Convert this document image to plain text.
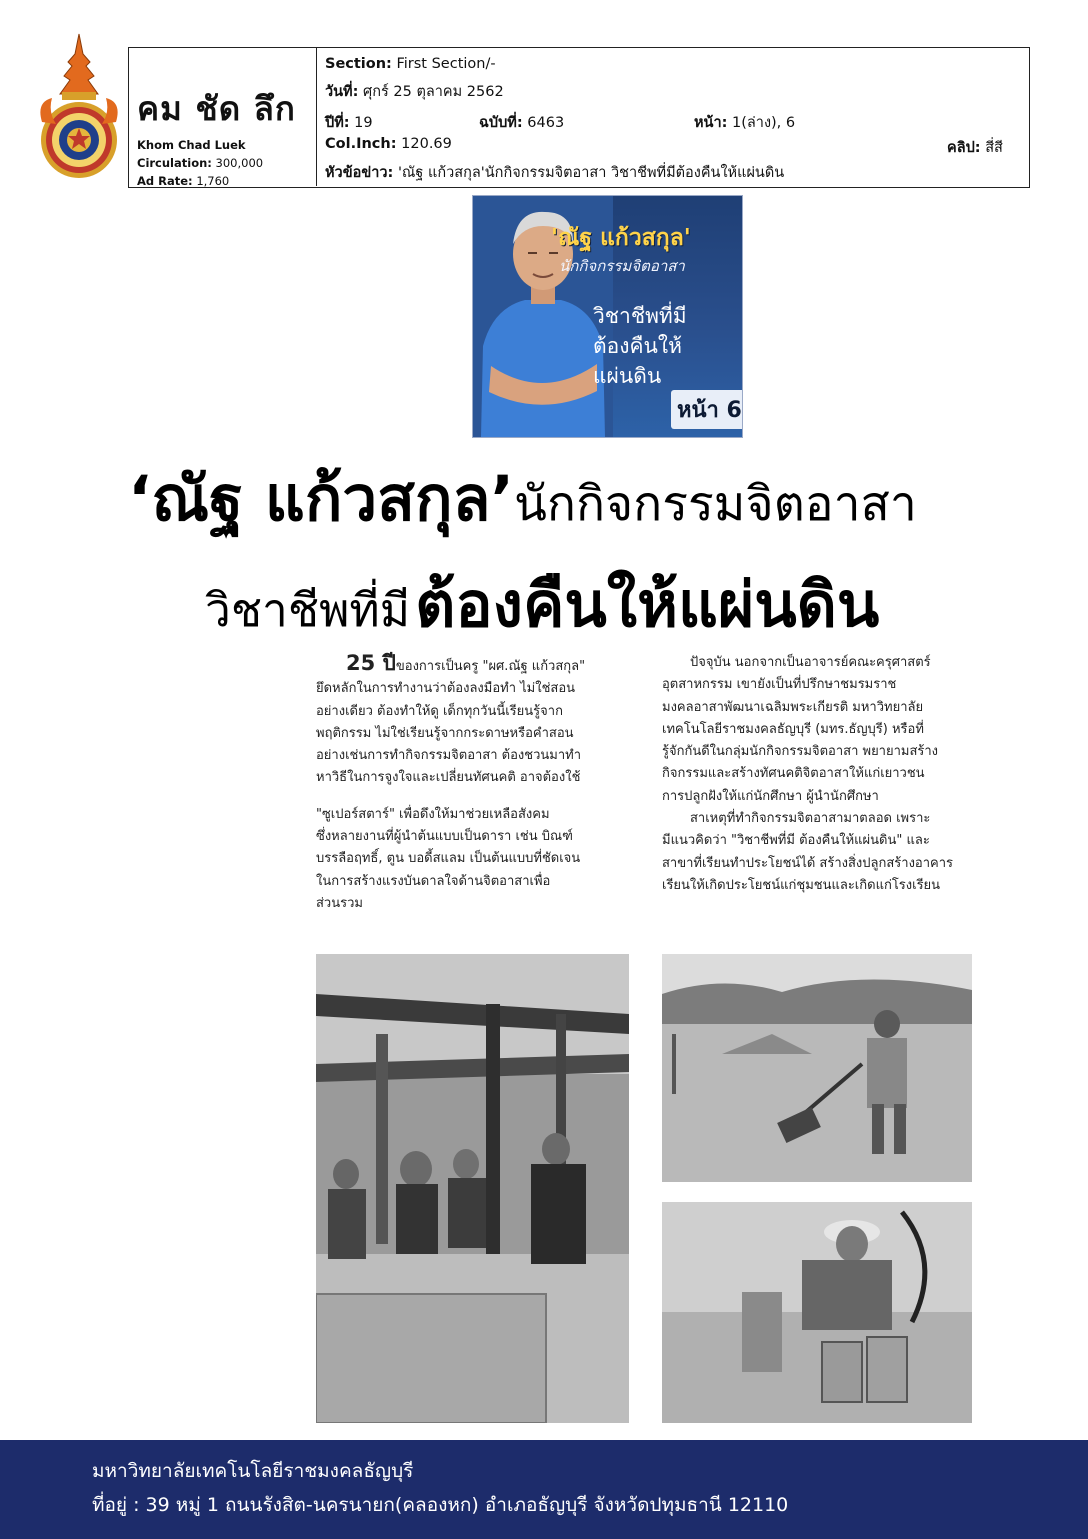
คม ชัด ลึก
Khom Chad Luek
Circulation: 300,000
Ad Rate: 1,760
Section: First Section/-
วันที่: ศุกร์ 25 ตุลาคม 2562
ปีที่: 19	ฉบับที่: 6463	หน้า: 1(ล่าง), 6
Col.Inch: 120.69	คลิป: สี่สี
หัวข้อข่าว: 'ณัฐ แก้วสกุล'นักกิจกรรมจิตอาสา วิชาชีพที่มีต้องคืนให้แผ่นดิน
'ณัฐ แก้วสกุล'
นักกิจกรรมจิตอาสา
วิชาชีพที่มี
ต้องคืนให้
แผ่นดิน
หน้า 6
‘ณัฐ แก้วสกุล’นักกิจกรรมจิตอาสา
วิชาชีพที่มี ต้องคืนให้แผ่นดิน

25 ปีของการเป็นครู "ผศ.ณัฐ แก้วสกุล"

ยึดหลักในการทำงานว่าต้องลงมือทำ ไม่ใช่สอน

อย่างเดียว ต้องทำให้ดู เด็กทุกวันนี้เรียนรู้จาก

พฤติกรรม ไม่ใช่เรียนรู้จากกระดาษหรือคำสอน

อย่างเช่นการทำกิจกรรมจิตอาสา ต้องชวนมาทำ

หาวิธีในการจูงใจและเปลี่ยนทัศนคติ อาจต้องใช้

"ซูเปอร์สตาร์" เพื่อดึงให้มาช่วยเหลือสังคม

ซึ่งหลายงานที่ผู้นำต้นแบบเป็นดารา เช่น บิณฑ์

บรรลือฤทธิ์, ตูน บอดี้สแลม เป็นต้นแบบที่ชัดเจน

ในการสร้างแรงบันดาลใจด้านจิตอาสาเพื่อ

ส่วนรวม

ปัจจุบัน นอกจากเป็นอาจารย์คณะครุศาสตร์

อุตสาหกรรม เขายังเป็นที่ปรึกษาชมรมราช

มงคลอาสาพัฒนาเฉลิมพระเกียรติ มหาวิทยาลัย

เทคโนโลยีราชมงคลธัญบุรี (มทร.ธัญบุรี) หรือที่

รู้จักกันดีในกลุ่มนักกิจกรรมจิตอาสา พยายามสร้าง

กิจกรรมและสร้างทัศนคติจิตอาสาให้แก่เยาวชน

การปลูกฝังให้แก่นักศึกษา ผู้นำนักศึกษา

สาเหตุที่ทำกิจกรรมจิตอาสามาตลอด เพราะ

มีแนวคิดว่า "วิชาชีพที่มี ต้องคืนให้แผ่นดิน" และ

สาขาที่เรียนทำประโยชน์ได้ สร้างสิ่งปลูกสร้างอาคาร

เรียนให้เกิดประโยชน์แก่ชุมชนและเกิดแก่โรงเรียน

มหาวิทยาลัยเทคโนโลยีราชมงคลธัญบุรี
ที่อยู่ : 39 หมู่ 1 ถนนรังสิต-นครนายก(คลองหก) อำเภอธัญบุรี จังหวัดปทุมธานี 12110
